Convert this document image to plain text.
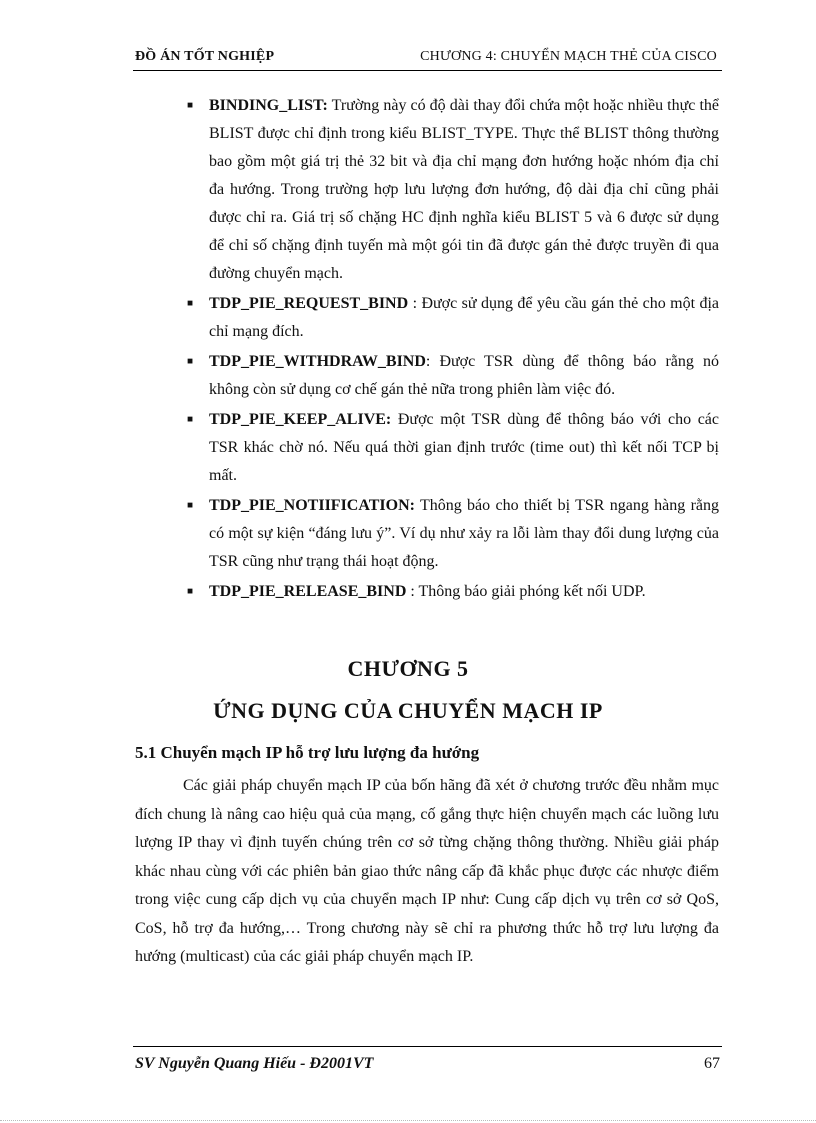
ĐỒ ÁN TỐT NGHIỆP	CHƯƠNG 4: CHUYỂN MẠCH THẺ CỦA CISCO
■ BINDING_LIST: Trường này có độ dài thay đổi chứa một hoặc nhiều thực thể BLIST được chỉ định trong kiểu BLIST_TYPE. Thực thể BLIST thông thường bao gồm một giá trị thẻ 32 bit và địa chỉ mạng đơn hướng hoặc nhóm địa chỉ đa hướng. Trong trường hợp lưu lượng đơn hướng, độ dài địa chỉ cũng phải được chỉ ra. Giá trị số chặng HC định nghĩa kiểu BLIST 5 và 6 được sử dụng để chỉ số chặng định tuyến mà một gói tin đã được gán thẻ được truyền đi qua đường chuyển mạch.
■ TDP_PIE_REQUEST_BIND : Được sử dụng để yêu cầu gán thẻ cho một địa chỉ mạng đích.
■ TDP_PIE_WITHDRAW_BIND: Được TSR dùng để thông báo rằng nó không còn sử dụng cơ chế gán thẻ nữa trong phiên làm việc đó.
■ TDP_PIE_KEEP_ALIVE: Được một TSR dùng để thông báo với cho các TSR khác chờ nó. Nếu quá thời gian định trước (time out) thì kết nối TCP bị mất.
■ TDP_PIE_NOTIIFICATION: Thông báo cho thiết bị TSR ngang hàng rằng có một sự kiện “đáng lưu ý”. Ví dụ như xảy ra lỗi làm thay đổi dung lượng của TSR cũng như trạng thái hoạt động.
■ TDP_PIE_RELEASE_BIND : Thông báo giải phóng kết nối UDP.
CHƯƠNG 5
ỨNG DỤNG CỦA CHUYỂN MẠCH IP
5.1 Chuyển mạch IP hỗ trợ lưu lượng đa hướng

Các giải pháp chuyển mạch IP của bốn hãng đã xét ở chương trước đều nhằm mục đích chung là nâng cao hiệu quả của mạng, cố gắng thực hiện chuyển mạch các luồng lưu lượng IP thay vì định tuyến chúng trên cơ sở từng chặng thông thường. Nhiều giải pháp khác nhau cùng với các phiên bản giao thức nâng cấp đã khắc phục được các nhược điểm trong việc cung cấp dịch vụ của chuyển mạch IP như: Cung cấp dịch vụ trên cơ sở QoS, CoS, hỗ trợ đa hướng,… Trong chương này sẽ chỉ ra phương thức hỗ trợ lưu lượng đa hướng (multicast) của các giải pháp chuyển mạch IP.

SV Nguyễn Quang Hiếu - Đ2001VT	67
